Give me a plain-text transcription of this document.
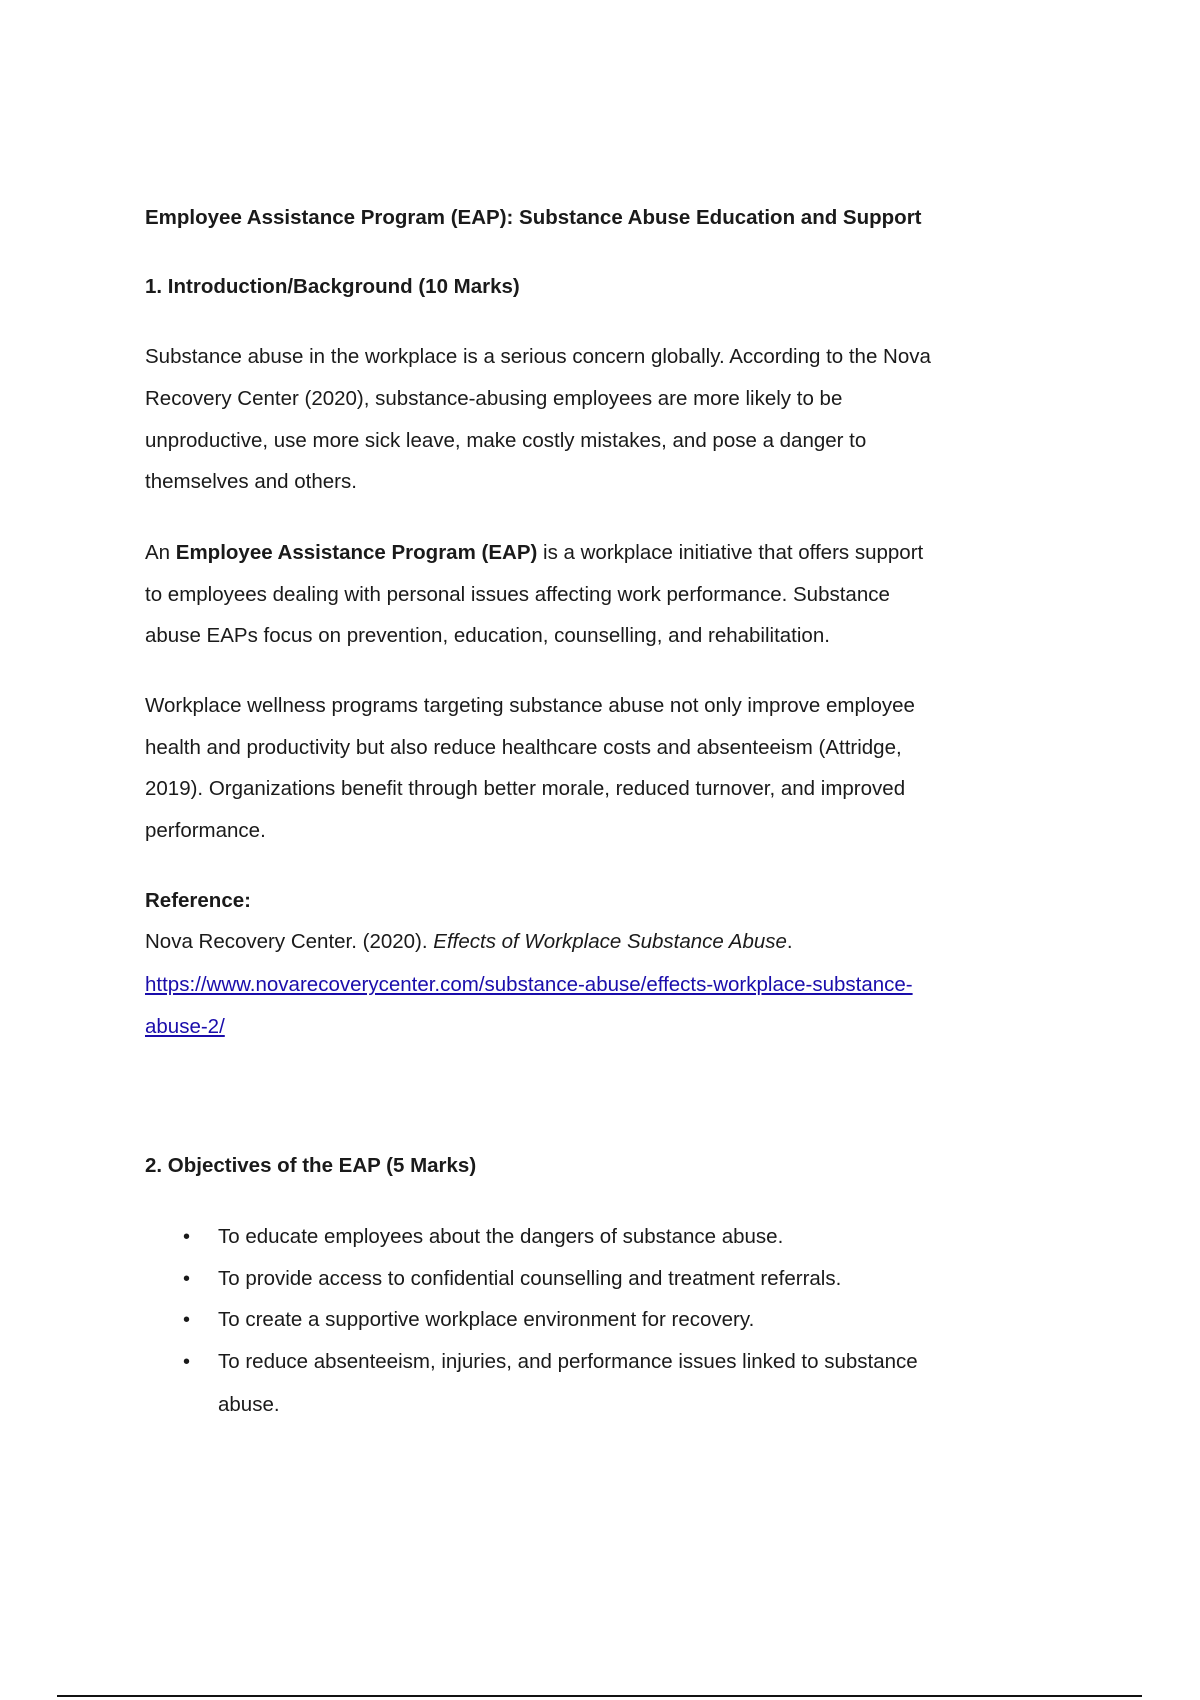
Employee Assistance Program (EAP): Substance Abuse Education and Support
1. Introduction/Background (10 Marks)
Substance abuse in the workplace is a serious concern globally. According to the Nova
Recovery Center (2020), substance-abusing employees are more likely to be
unproductive, use more sick leave, make costly mistakes, and pose a danger to
themselves and others.
An Employee Assistance Program (EAP) is a workplace initiative that offers support
to employees dealing with personal issues affecting work performance. Substance
abuse EAPs focus on prevention, education, counselling, and rehabilitation.
Workplace wellness programs targeting substance abuse not only improve employee
health and productivity but also reduce healthcare costs and absenteeism (Attridge,
2019). Organizations benefit through better morale, reduced turnover, and improved
performance.
Reference:
Nova Recovery Center. (2020). Effects of Workplace Substance Abuse.
https://www.novarecoverycenter.com/substance-abuse/effects-workplace-substance-
abuse-2/
2. Objectives of the EAP (5 Marks)
• To educate employees about the dangers of substance abuse.
• To provide access to confidential counselling and treatment referrals.
• To create a supportive workplace environment for recovery.
• To reduce absenteeism, injuries, and performance issues linked to substance
abuse.
